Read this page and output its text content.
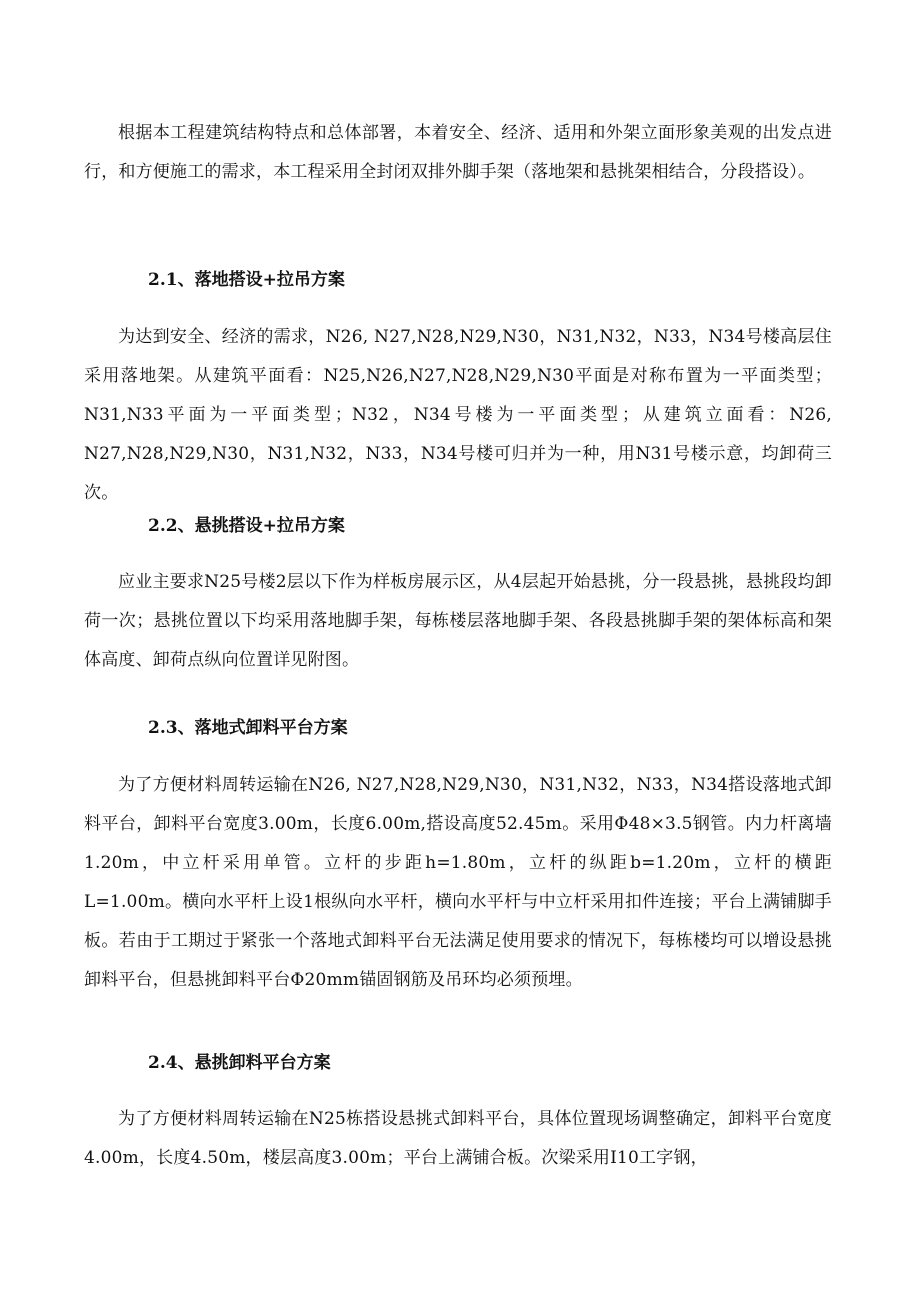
根据本工程建筑结构特点和总体部署，本着安全、经济、适用和外架立面形象美观的出发点进行，和方便施工的需求，本工程采用全封闭双排外脚手架（落地架和悬挑架相结合，分段搭设）。

2.1、落地搭设+拉吊方案

为达到安全、经济的需求，N26, N27,N28,N29,N30，N31,N32，N33，N34号楼高层住采用落地架。从建筑平面看：N25,N26,N27,N28,N29,N30平面是对称布置为一平面类型；N31,N33平面为一平面类型；N32，N34号楼为一平面类型；从建筑立面看：N26, N27,N28,N29,N30，N31,N32，N33，N34号楼可归并为一种，用N31号楼示意，均卸荷三次。

2.2、悬挑搭设+拉吊方案

应业主要求N25号楼2层以下作为样板房展示区，从4层起开始悬挑，分一段悬挑，悬挑段均卸荷一次；悬挑位置以下均采用落地脚手架，每栋楼层落地脚手架、各段悬挑脚手架的架体标高和架体高度、卸荷点纵向位置详见附图。

2.3、落地式卸料平台方案

为了方便材料周转运输在N26, N27,N28,N29,N30，N31,N32，N33，N34搭设落地式卸料平台，卸料平台宽度3.00m，长度6.00m,搭设高度52.45m。采用Φ48×3.5钢管。内力杆离墙1.20m，中立杆采用单管。立杆的步距h=1.80m，立杆的纵距b=1.20m，立杆的横距L=1.00m。横向水平杆上设1根纵向水平杆，横向水平杆与中立杆采用扣件连接；平台上满铺脚手板。若由于工期过于紧张一个落地式卸料平台无法满足使用要求的情况下，每栋楼均可以增设悬挑卸料平台，但悬挑卸料平台Φ20mm锚固钢筋及吊环均必须预埋。

2.4、悬挑卸料平台方案

为了方便材料周转运输在N25栋搭设悬挑式卸料平台，具体位置现场调整确定，卸料平台宽度4.00m，长度4.50m，楼层高度3.00m；平台上满铺合板。次梁采用I10工字钢，
